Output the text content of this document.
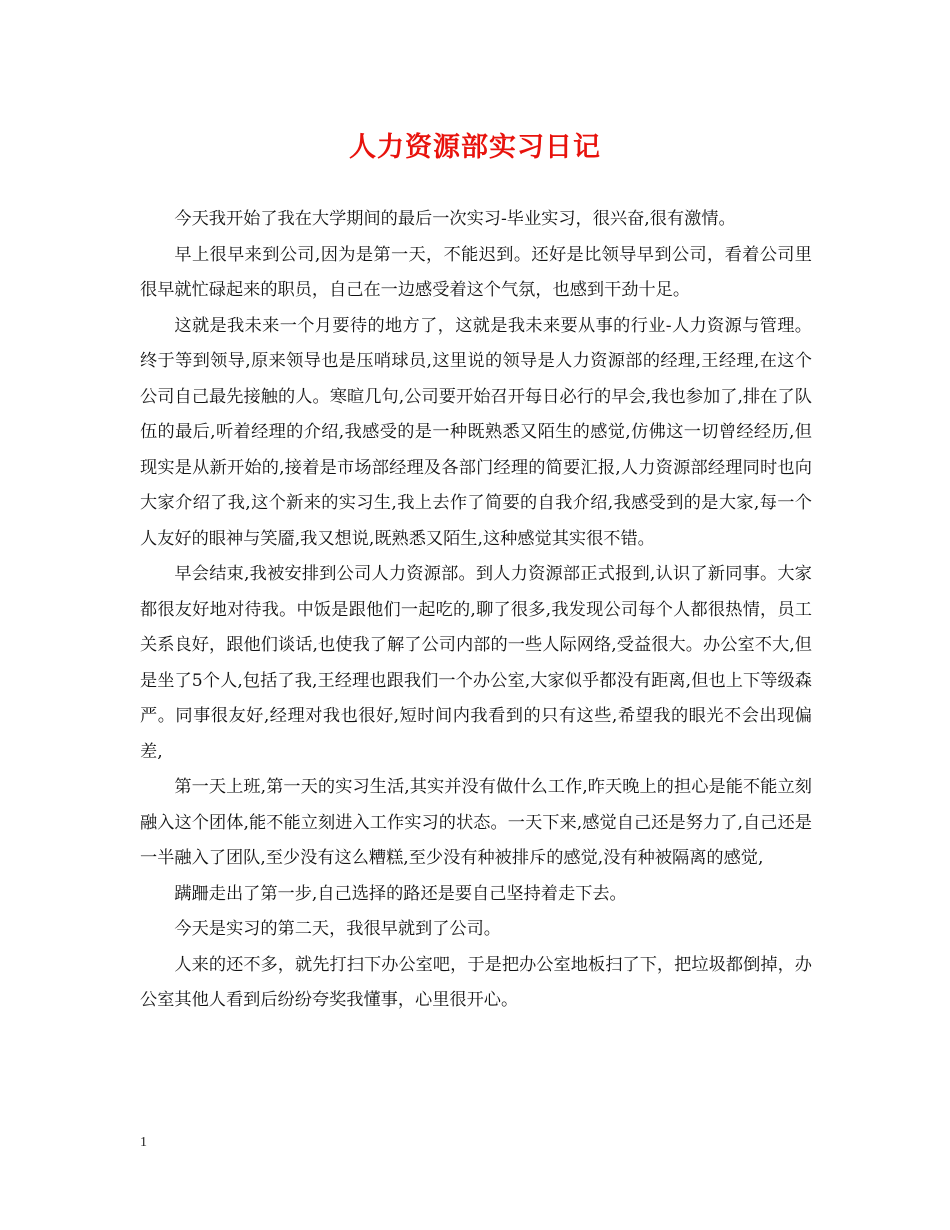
人力资源部实习日记

今天我开始了我在大学期间的最后一次实习-毕业实习，很兴奋,很有激情。

早上很早来到公司,因为是第一天，不能迟到。还好是比领导早到公司，看着公司里很早就忙碌起来的职员，自己在一边感受着这个气氛，也感到干劲十足。

这就是我未来一个月要待的地方了，这就是我未来要从事的行业-人力资源与管理。终于等到领导,原来领导也是压哨球员,这里说的领导是人力资源部的经理,王经理,在这个公司自己最先接触的人。寒暄几句,公司要开始召开每日必行的早会,我也参加了,排在了队伍的最后,听着经理的介绍,我感受的是一种既熟悉又陌生的感觉,仿佛这一切曾经经历,但现实是从新开始的,接着是市场部经理及各部门经理的简要汇报,人力资源部经理同时也向大家介绍了我,这个新来的实习生,我上去作了简要的自我介绍,我感受到的是大家,每一个人友好的眼神与笑靥,我又想说,既熟悉又陌生,这种感觉其实很不错。

早会结束,我被安排到公司人力资源部。到人力资源部正式报到,认识了新同事。大家都很友好地对待我。中饭是跟他们一起吃的,聊了很多,我发现公司每个人都很热情，员工关系良好，跟他们谈话,也使我了解了公司内部的一些人际网络,受益很大。办公室不大,但是坐了5个人,包括了我,王经理也跟我们一个办公室,大家似乎都没有距离,但也上下等级森严。同事很友好,经理对我也很好,短时间内我看到的只有这些,希望我的眼光不会出现偏差,

第一天上班,第一天的实习生活,其实并没有做什么工作,昨天晚上的担心是能不能立刻融入这个团体,能不能立刻进入工作实习的状态。一天下来,感觉自己还是努力了,自己还是一半融入了团队,至少没有这么糟糕,至少没有种被排斥的感觉,没有种被隔离的感觉,

蹒跚走出了第一步,自己选择的路还是要自己坚持着走下去。

今天是实习的第二天，我很早就到了公司。

人来的还不多，就先打扫下办公室吧，于是把办公室地板扫了下，把垃圾都倒掉，办公室其他人看到后纷纷夸奖我懂事，心里很开心。

1
